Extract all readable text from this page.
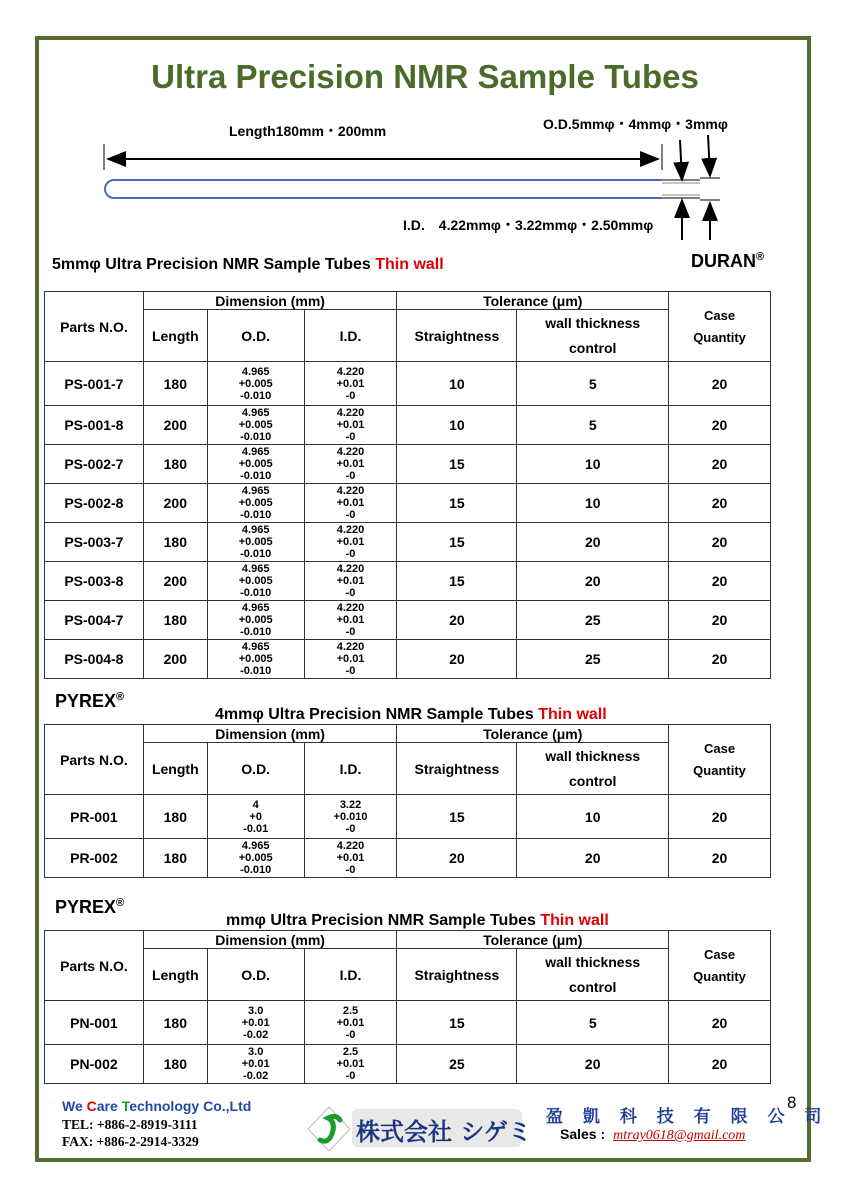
Ultra Precision NMR Sample Tubes
Length180mm・200mm	O.D.5mmφ・4mmφ・3mmφ
I.D.　4.22mmφ・3.22mmφ・2.50mmφ
5mmφ Ultra Precision NMR Sample Tubes Thin wall	DURAN®
Parts N.O.	Dimension (mm)			Tolerance (μm)		Case
Quantity

	Length	O.D.	I.D.	Straightness	wall thickness
control	

PS-001-7	180	4.965
+0.005
-0.010	4.220
+0.01
-0	10	5	20
PS-001-8	200	4.965
+0.005
-0.010	4.220
+0.01
-0	10	5	20
PS-002-7	180	4.965
+0.005
-0.010	4.220
+0.01
-0	15	10	20
PS-002-8	200	4.965
+0.005
-0.010	4.220
+0.01
-0	15	10	20
PS-003-7	180	4.965
+0.005
-0.010	4.220
+0.01
-0	15	20	20
PS-003-8	200	4.965
+0.005
-0.010	4.220
+0.01
-0	15	20	20
PS-004-7	180	4.965
+0.005
-0.010	4.220
+0.01
-0	20	25	20
PS-004-8	200	4.965
+0.005
-0.010	4.220
+0.01
-0	20	25	20
PYREX®
4mmφ Ultra Precision NMR Sample Tubes Thin wall
Parts N.O.	Dimension (mm)			Tolerance (μm)		Case
Quantity

	Length	O.D.	I.D.	Straightness	wall thickness
control	

PR-001	180	4
+0
-0.01	3.22
+0.010
-0	15	10	20
PR-002	180	4.965
+0.005
-0.010	4.220
+0.01
-0	20	20	20
PYREX®
mmφ Ultra Precision NMR Sample Tubes Thin wall
Parts N.O.	Dimension (mm)			Tolerance (μm)		Case
Quantity

	Length	O.D.	I.D.	Straightness	wall thickness
control	

PN-001	180	3.0
+0.01
-0.02	2.5
+0.01
-0	15	5	20
PN-002	180	3.0
+0.01
-0.02	2.5
+0.01
-0	25	20	20
We Care Technology Co.,Ltd
TEL: +886-2-8919-3111
FAX: +886-2-2914-3329	株式会社 シゲミ
盈 凱 科 技 有 限 公 司
Sales : mtray0618@gmail.com
8
